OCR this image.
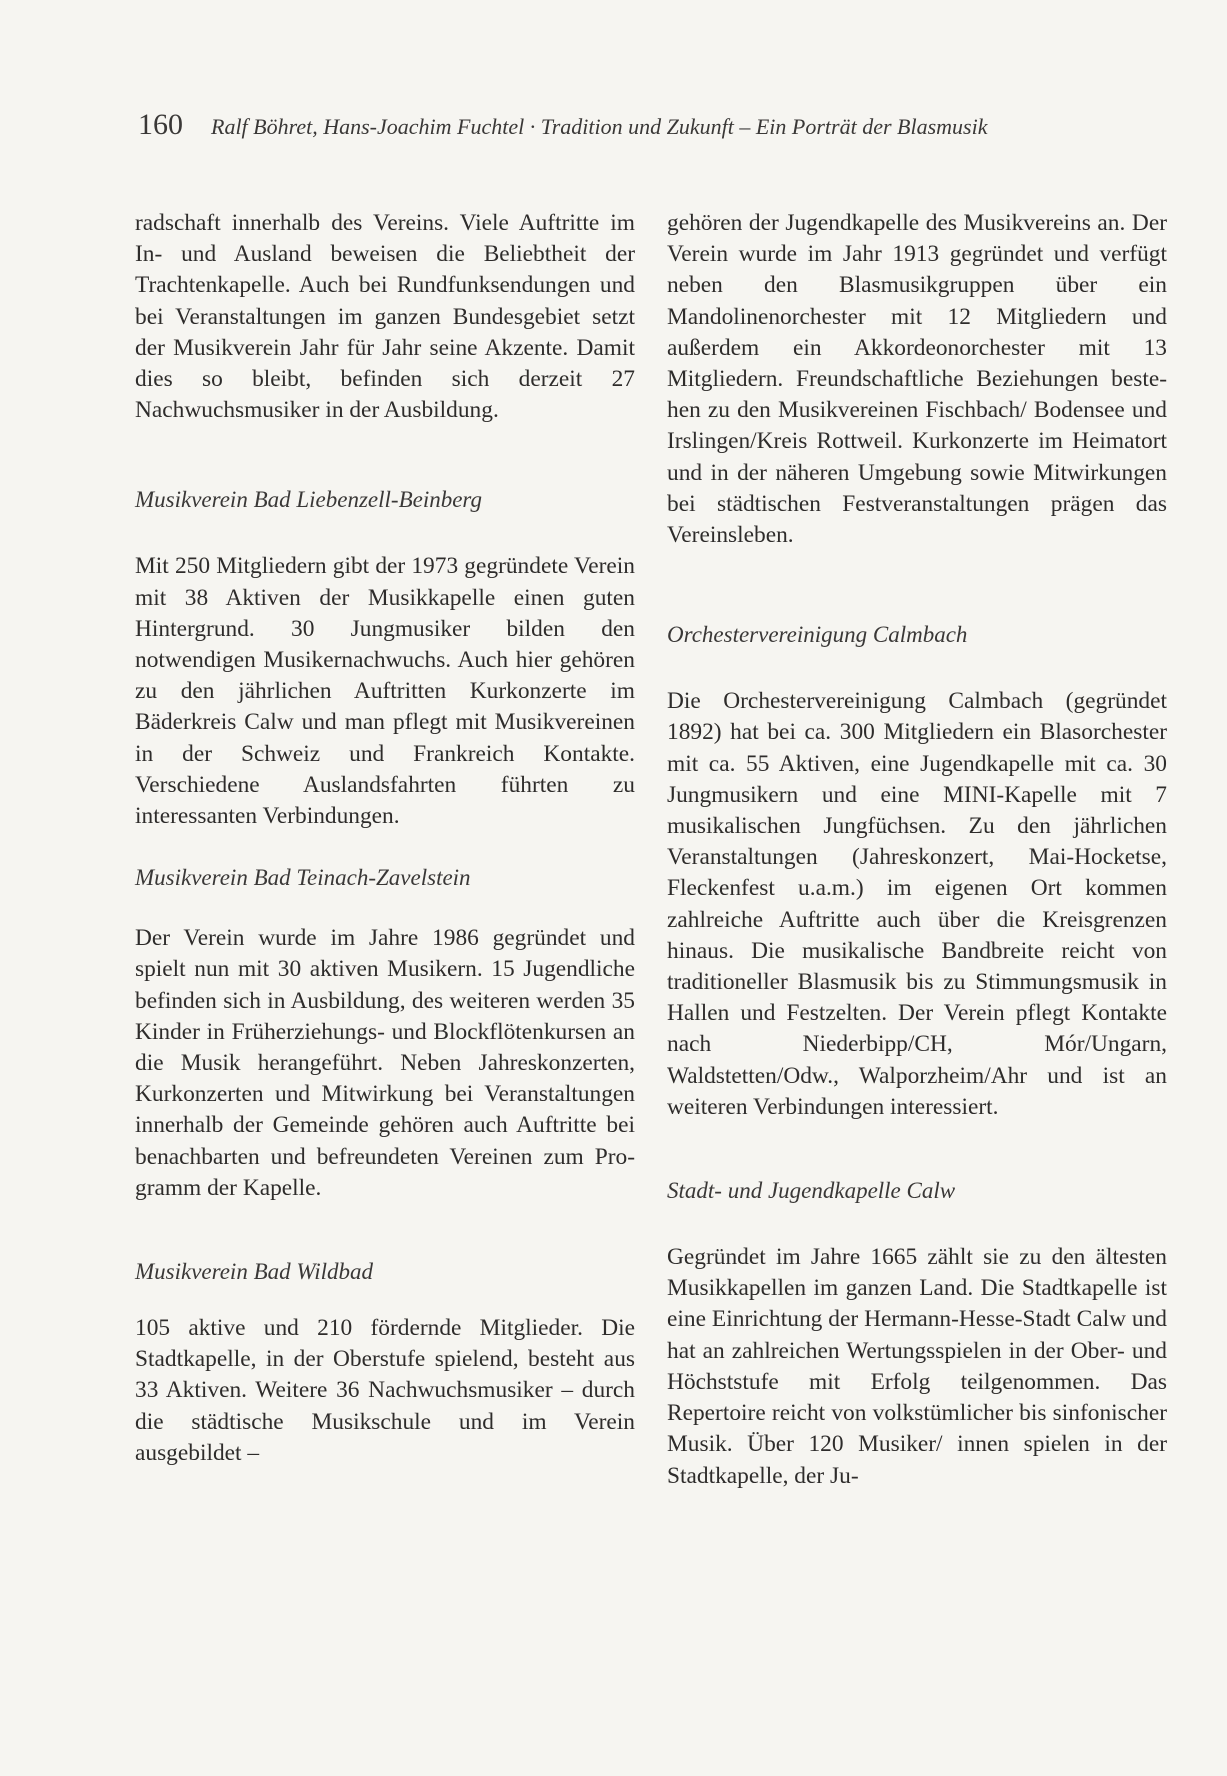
160 Ralf Böhret, Hans-Joachim Fuchtel · Tradition und Zukunft – Ein Porträt der Blasmusik

radschaft innerhalb des Vereins. Viele Auftritte im In- und Ausland beweisen die Beliebtheit der Trachtenkapelle. Auch bei Rundfunksendungen und bei Veranstaltungen im ganzen Bundesgebiet setzt der Musikverein Jahr für Jahr seine Akzente. Damit dies so bleibt, befinden sich derzeit 27 Nachwuchsmusiker in der Ausbildung.

Musikverein Bad Liebenzell-Beinberg

Mit 250 Mitgliedern gibt der 1973 gegründete Verein mit 38 Aktiven der Musikkapelle einen guten Hintergrund. 30 Jungmusiker bilden den notwendigen Musikernachwuchs. Auch hier gehören zu den jährlichen Auftritten Kurkonzerte im Bäderkreis Calw und man pflegt mit Musikvereinen in der Schweiz und Frankreich Kontakte. Verschiedene Auslandsfahrten führten zu interessanten Verbindungen.

Musikverein Bad Teinach-Zavelstein

Der Verein wurde im Jahre 1986 gegründet und spielt nun mit 30 aktiven Musikern. 15 Jugendliche befinden sich in Ausbildung, des weiteren werden 35 Kinder in Früherziehungs- und Blockflötenkursen an die Musik herangeführt. Neben Jahreskonzerten, Kurkonzerten und Mitwirkung bei Veranstaltungen innerhalb der Gemeinde gehören auch Auftritte bei benachbarten und befreundeten Vereinen zum Programm der Kapelle.

Musikverein Bad Wildbad

105 aktive und 210 fördernde Mitglieder. Die Stadtkapelle, in der Oberstufe spielend, besteht aus 33 Aktiven. Weitere 36 Nachwuchsmusiker – durch die städtische Musikschule und im Verein ausgebildet –

gehören der Jugendkapelle des Musikvereins an. Der Verein wurde im Jahr 1913 gegründet und verfügt neben den Blasmusikgruppen über ein Mandolinenorchester mit 12 Mitgliedern und außerdem ein Akkordeonorchester mit 13 Mitgliedern. Freundschaftliche Beziehungen bestehen zu den Musikvereinen Fischbach/ Bodensee und Irslingen/Kreis Rottweil. Kurkonzerte im Heimatort und in der näheren Umgebung sowie Mitwirkungen bei städtischen Festveranstaltungen prägen das Vereinsleben.

Orchestervereinigung Calmbach

Die Orchestervereinigung Calmbach (gegründet 1892) hat bei ca. 300 Mitgliedern ein Blasorchester mit ca. 55 Aktiven, eine Jugendkapelle mit ca. 30 Jungmusikern und eine MINI-Kapelle mit 7 musikalischen Jungfüchsen. Zu den jährlichen Veranstaltungen (Jahreskonzert, Mai-Hocketse, Fleckenfest u.a.m.) im eigenen Ort kommen zahlreiche Auftritte auch über die Kreisgrenzen hinaus. Die musikalische Bandbreite reicht von traditioneller Blasmusik bis zu Stimmungsmusik in Hallen und Festzelten. Der Verein pflegt Kontakte nach Niederbipp/CH, Mór/Ungarn, Waldstetten/Odw., Walporzheim/Ahr und ist an weiteren Verbindungen interessiert.

Stadt- und Jugendkapelle Calw

Gegründet im Jahre 1665 zählt sie zu den ältesten Musikkapellen im ganzen Land. Die Stadtkapelle ist eine Einrichtung der Hermann-Hesse-Stadt Calw und hat an zahlreichen Wertungsspielen in der Ober- und Höchststufe mit Erfolg teilgenommen. Das Repertoire reicht von volkstümlicher bis sinfonischer Musik. Über 120 Musiker/ innen spielen in der Stadtkapelle, der Ju-
